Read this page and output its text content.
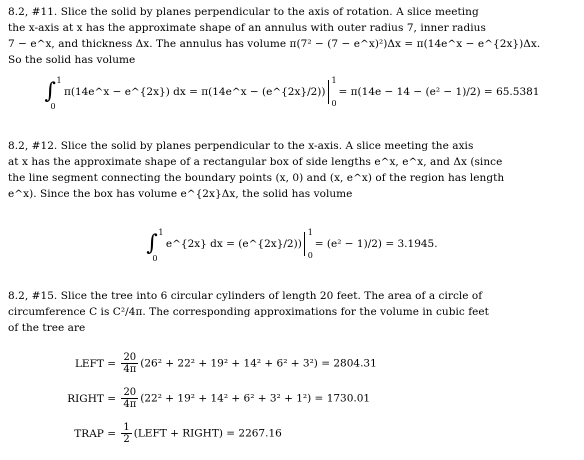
8.2, #11. Slice the solid by planes perpendicular to the axis of rotation. A slice meeting
the x-axis at x has the approximate shape of an annulus with outer radius 7, inner radius
7 − e^x, and thickness Δx. The annulus has volume π(7² − (7 − e^x)²)Δx = π(14e^x − e^{2x})Δx.
So the solid has volume
∫ 1
0
π(14e^x − e^{2x}) dx = π(14e^x − (e^{2x}/2))
1
0
= π(14e − 14 − (e² − 1)/2) = 65.5381
8.2, #12. Slice the solid by planes perpendicular to the x-axis. A slice meeting the axis
at x has the approximate shape of a rectangular box of side lengths e^x, e^x, and Δx (since
the line segment connecting the boundary points (x, 0) and (x, e^x) of the region has length
e^x). Since the box has volume e^{2x}Δx, the solid has volume
∫ 1
0
e^{2x} dx = (e^{2x}/2))
1
0
= (e² − 1)/2) = 3.1945.
8.2, #15. Slice the tree into 6 circular cylinders of length 20 feet. The area of a circle of
circumference C is C²/4π. The corresponding approximations for the volume in cubic feet
of the tree are
LEFT = $\frac{20}{4\pi} (26^2 + 22^2 + 19^2 + 14^2 + 6^2 + 3^2) = 2804.31$
RIGHT = $\frac{20}{4\pi} (22^2 + 19^2 + 14^2 + 6^2 + 3^2 + 1^2) = 1730.01$
TRAP = $\frac{1}{2}$ (LEFT + RIGHT) = 2267.16
